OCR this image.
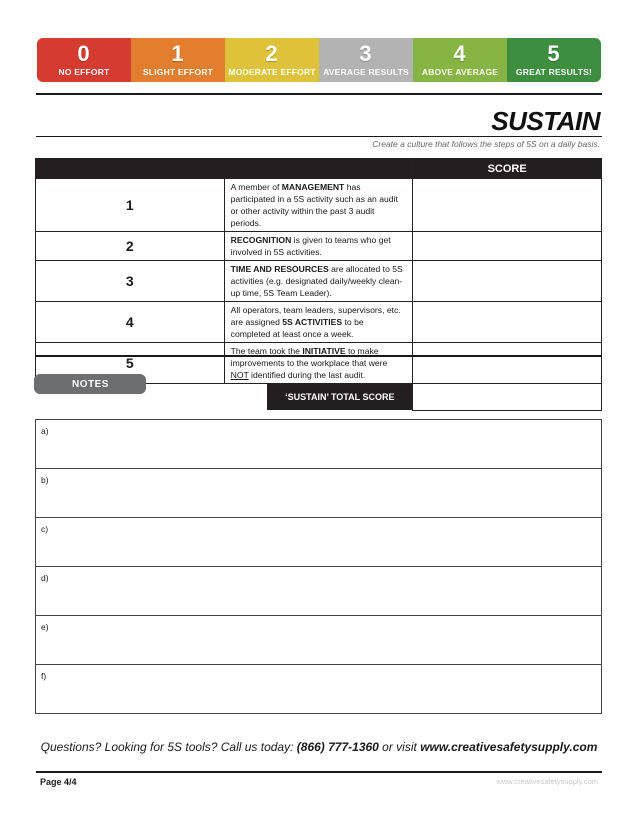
0
NO EFFORT
1
SLIGHT EFFORT
2
MODERATE EFFORT
3
AVERAGE RESULTS
4
ABOVE AVERAGE
5
GREAT RESULTS!
SUSTAIN
Create a culture that follows the steps of 5S on a daily basis.
		SCORE
1	A member of MANAGEMENT has participated in a 5S activity such as an audit or other activity within the past 3 audit periods.	
2	RECOGNITION is given to teams who get involved in 5S activities.	
3	TIME AND RESOURCES are allocated to 5S activities (e.g. designated daily/weekly clean-up time, 5S Team Leader).	
4	All operators, team leaders, supervisors, etc. are assigned 5S ACTIVITIES to be completed at least once a week.	
5	The team took the INITIATIVE to make improvements to the workplace that were NOT identified during the last audit.	

‘SUSTAIN’ TOTAL SCORE		

NOTES
a)
b)
c)
d)
e)
f)
Questions? Looking for 5S tools? Call us today: (866) 777-1360 or visit www.creativesafetysupply.com
Page 4/4	www.creativesafetysupply.com
